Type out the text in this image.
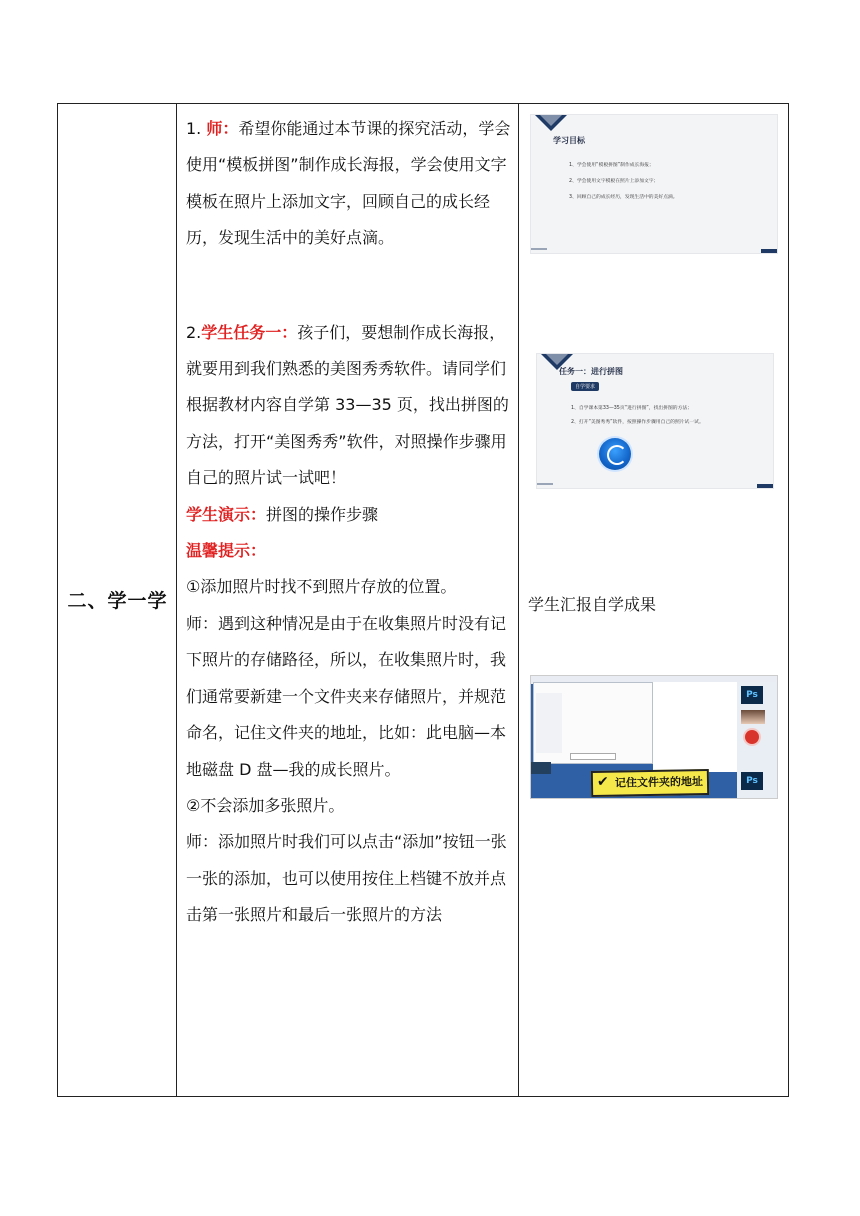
二、学一学

1. 师：希望你能通过本节课的探究活动，学会使用“模板拼图”制作成长海报，学会使用文字模板在照片上添加文字，回顾自己的成长经历，发现生活中的美好点滴。

2.学生任务一：孩子们，要想制作成长海报，就要用到我们熟悉的美图秀秀软件。请同学们根据教材内容自学第 33—35 页，找出拼图的方法，打开“美图秀秀”软件，对照操作步骤用自己的照片试一试吧！

学生演示：拼图的操作步骤

温馨提示：

①添加照片时找不到照片存放的位置。

师：遇到这种情况是由于在收集照片时没有记下照片的存储路径，所以，在收集照片时，我们通常要新建一个文件夹来存储照片，并规范命名，记住文件夹的地址，比如：此电脑—本地磁盘 D 盘—我的成长照片。

②不会添加多张照片。

师：添加照片时我们可以点击“添加”按钮一张一张的添加，也可以使用按住上档键不放并点击第一张照片和最后一张照片的方法

学习目标
1、学会使用“模板拼图”制作成长海报；
2、学会使用文字模板在照片上添加文字；
3、回顾自己的成长经历，发现生活中的美好点滴。
任务一：进行拼图
自学要求
1、自学课本第33—35页“进行拼图”，找出拼图的方法；
2、打开“美图秀秀”软件，按照操作步骤用自己的照片试一试。
学生汇报自学成果
Ps
Ps
记住文件夹的地址
✔
